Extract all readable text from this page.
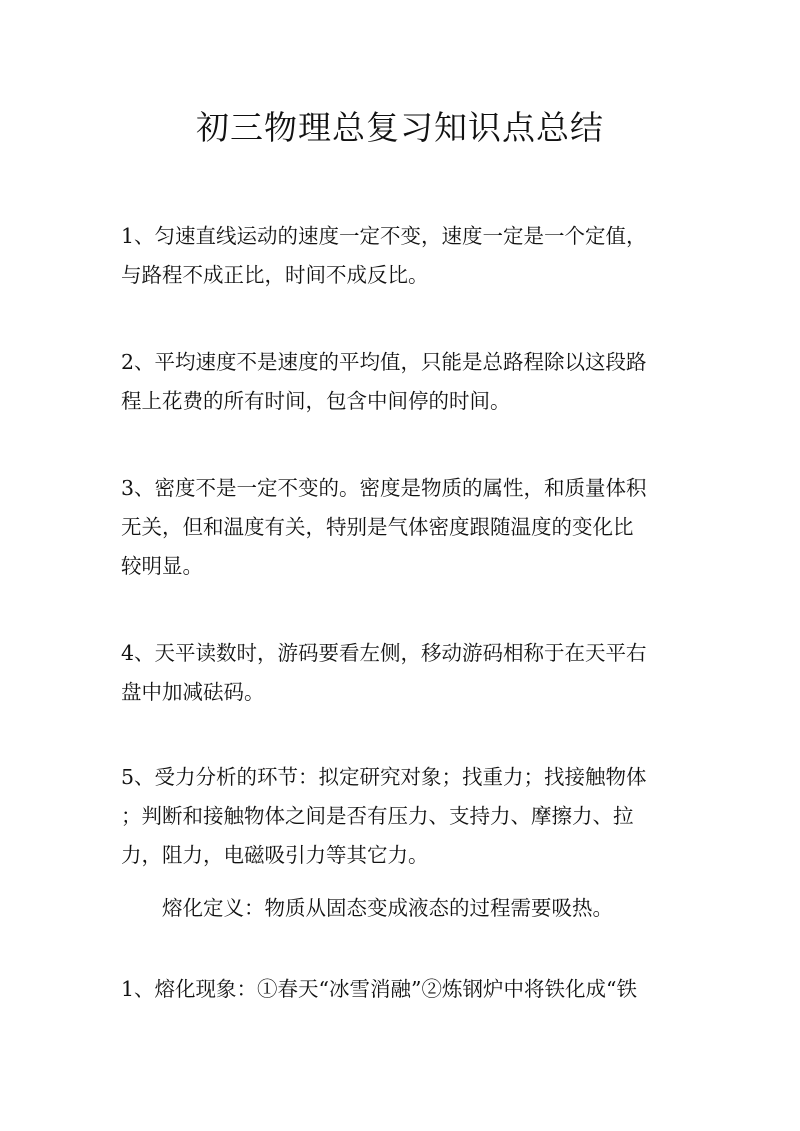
初三物理总复习知识点总结
1、匀速直线运动的速度一定不变，速度一定是一个定值，
与路程不成正比，时间不成反比。
2、平均速度不是速度的平均值，只能是总路程除以这段路
程上花费的所有时间，包含中间停的时间。
3、密度不是一定不变的。密度是物质的属性，和质量体积
无关，但和温度有关，特别是气体密度跟随温度的变化比
较明显。
4、天平读数时，游码要看左侧，移动游码相称于在天平右
盘中加减砝码。
5、受力分析的环节：拟定研究对象；找重力；找接触物体
；判断和接触物体之间是否有压力、支持力、摩擦力、拉
力，阻力，电磁吸引力等其它力。

熔化定义：物质从固态变成液态的过程需要吸热。

1、熔化现象：①春天“冰雪消融”②炼钢炉中将铁化成“铁
